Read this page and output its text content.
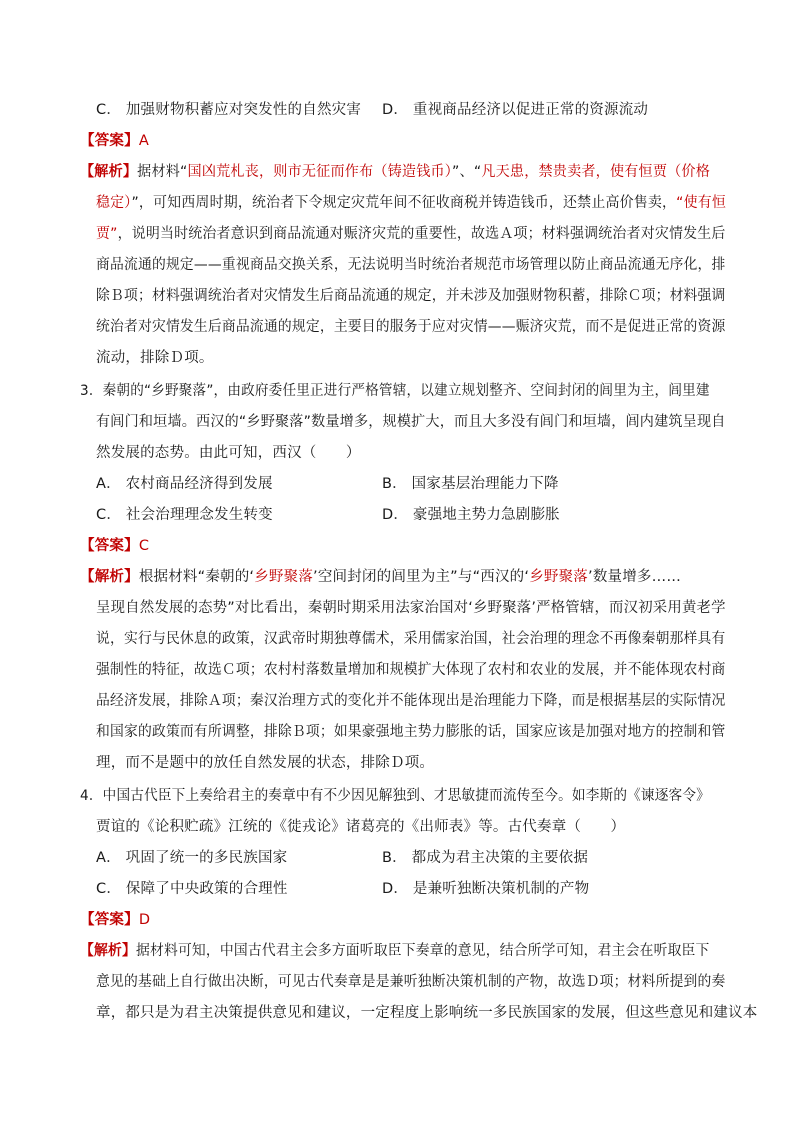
C． 加强财物积蓄应对突发性的自然灾害 D． 重视商品经济以促进正常的资源流动
【答案】A
【解析】据材料“国凶荒札丧，则市无征而作布（铸造钱币）”、“凡天患，禁贵卖者，使有恒贾（价格
稳定）”，可知西周时期，统治者下令规定灾荒年间不征收商税并铸造钱币，还禁止高价售卖，“使有恒
贾”，说明当时统治者意识到商品流通对赈济灾荒的重要性，故选Ａ项；材料强调统治者对灾情发生后
商品流通的规定——重视商品交换关系，无法说明当时统治者规范市场管理以防止商品流通无序化，排
除Ｂ项；材料强调统治者对灾情发生后商品流通的规定，并未涉及加强财物积蓄，排除Ｃ项；材料强调
统治者对灾情发生后商品流通的规定，主要目的服务于应对灾情——赈济灾荒，而不是促进正常的资源
流动，排除Ｄ项。
3．秦朝的“乡野聚落”，由政府委任里正进行严格管辖，以建立规划整齐、空间封闭的闾里为主，闾里建
有闾门和垣墙。西汉的“乡野聚落”数量增多，规模扩大，而且大多没有闾门和垣墙，闾内建筑呈现自
然发展的态势。由此可知，西汉（　　）
A． 农村商品经济得到发展	B． 国家基层治理能力下降
C． 社会治理理念发生转变	D． 豪强地主势力急剧膨胀
【答案】C
【解析】根据材料“秦朝的‘乡野聚落’空间封闭的闾里为主”与“西汉的‘乡野聚落’数量增多……
呈现自然发展的态势”对比看出，秦朝时期采用法家治国对‘乡野聚落’严格管辖，而汉初采用黄老学
说，实行与民休息的政策，汉武帝时期独尊儒术，采用儒家治国，社会治理的理念不再像秦朝那样具有
强制性的特征，故选Ｃ项；农村村落数量增加和规模扩大体现了农村和农业的发展，并不能体现农村商
品经济发展，排除Ａ项；秦汉治理方式的变化并不能体现出是治理能力下降，而是根据基层的实际情况
和国家的政策而有所调整，排除Ｂ项；如果豪强地主势力膨胀的话，国家应该是加强对地方的控制和管
理，而不是题中的放任自然发展的状态，排除Ｄ项。
4．中国古代臣下上奏给君主的奏章中有不少因见解独到、才思敏捷而流传至今。如李斯的《谏逐客令》
贾谊的《论积贮疏》江统的《徙戎论》诸葛亮的《出师表》等。古代奏章（　　）
A． 巩固了统一的多民族国家	B． 都成为君主决策的主要依据
C． 保障了中央政策的合理性	D． 是兼听独断决策机制的产物
【答案】D
【解析】据材料可知，中国古代君主会多方面听取臣下奏章的意见，结合所学可知，君主会在听取臣下
意见的基础上自行做出决断，可见古代奏章是是兼听独断决策机制的产物，故选Ｄ项；材料所提到的奏
章，都只是为君主决策提供意见和建议，一定程度上影响统一多民族国家的发展，但这些意见和建议本
